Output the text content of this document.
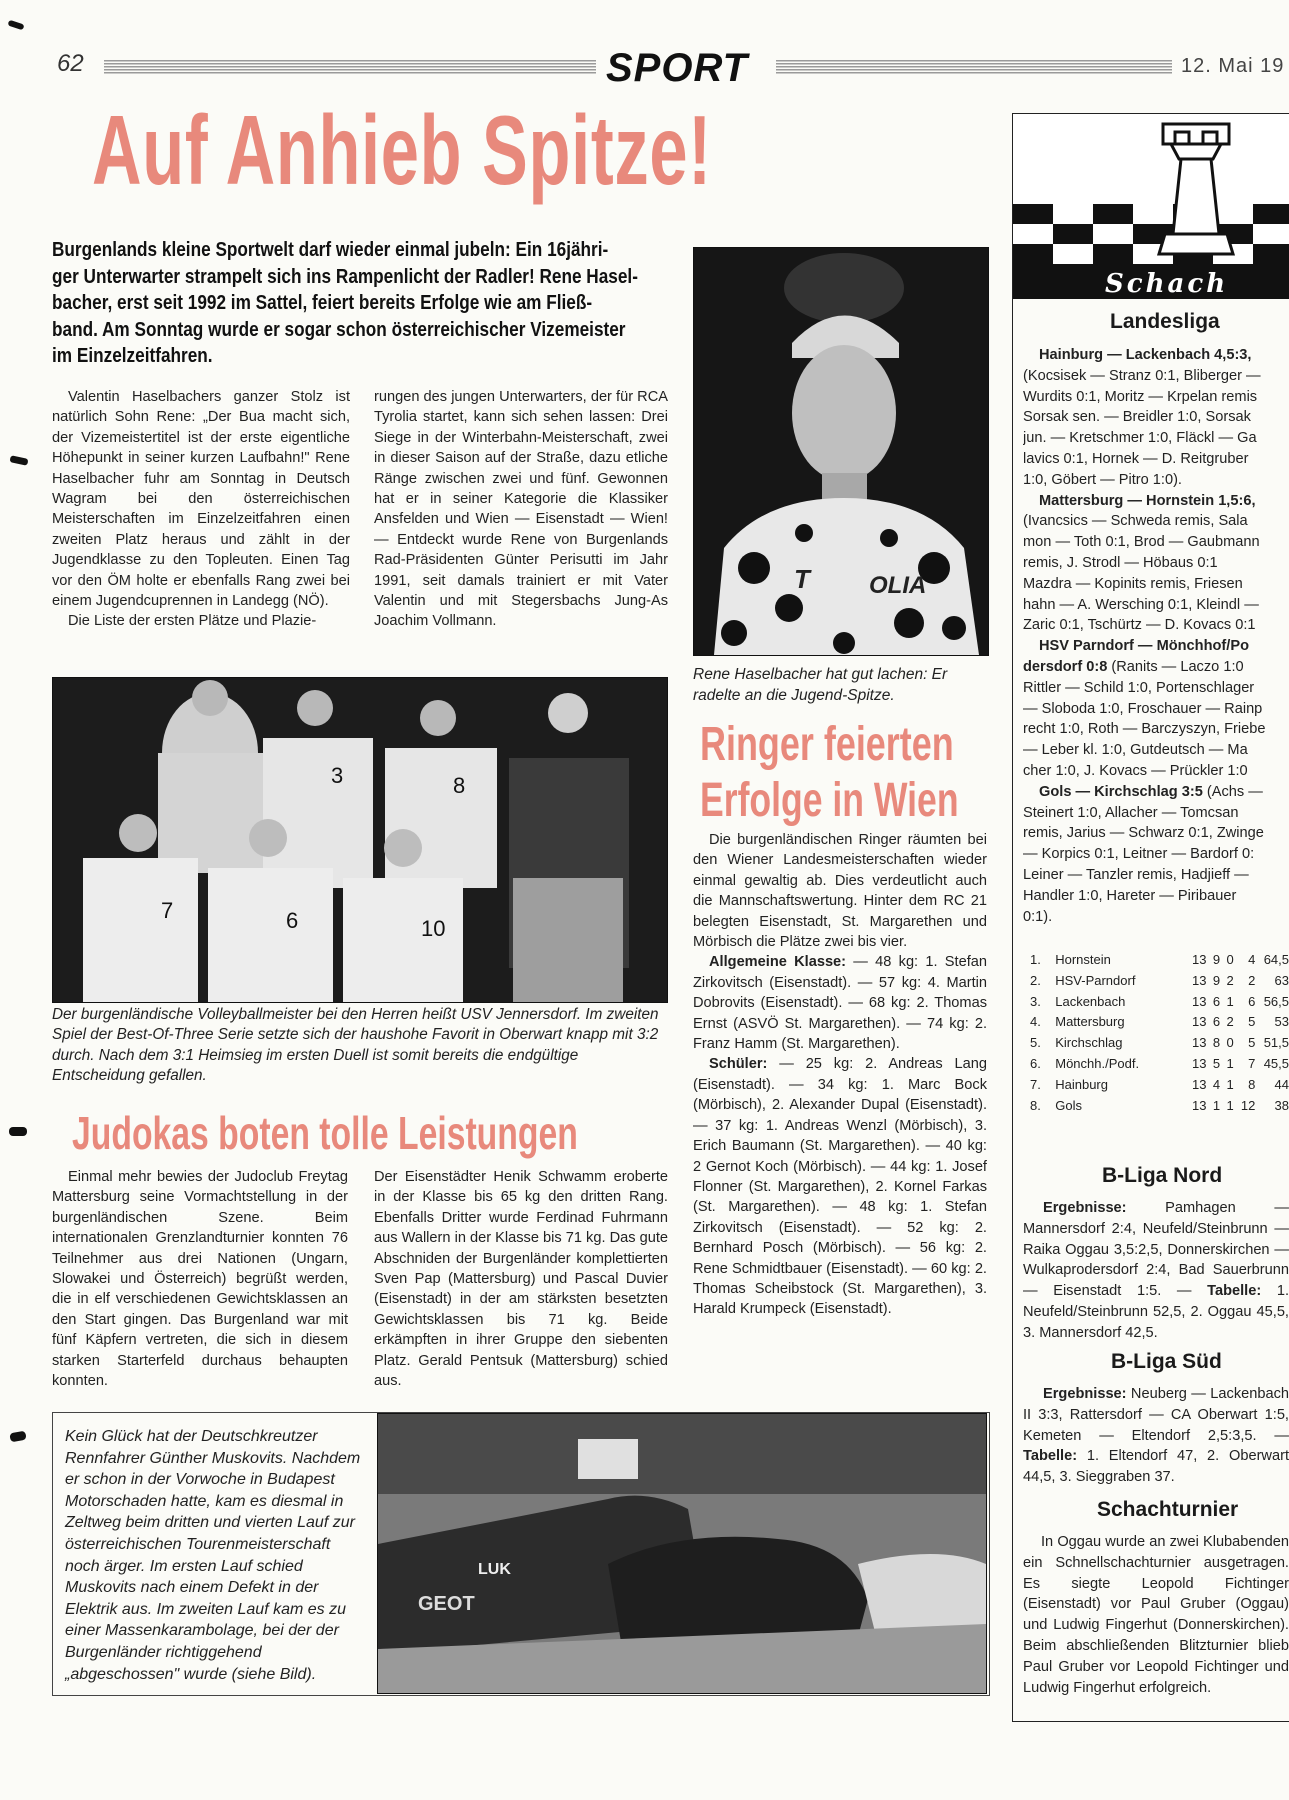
62	SPORT	12. Mai 19
Auf Anhieb Spitze!
Burgenlands kleine Sportwelt darf wieder einmal jubeln: Ein 16jähri-
ger Unterwarter strampelt sich ins Rampenlicht der Radler! Rene Hasel-
bacher, erst seit 1992 im Sattel, feiert bereits Erfolge wie am Fließ-
band. Am Sonntag wurde er sogar schon österreichischer Vizemeister
im Einzelzeitfahren.

Valentin Haselbachers ganzer Stolz ist natürlich Sohn Rene: „Der Bua macht sich, der Vizemeistertitel ist der erste eigentliche Höhepunkt in seiner kurzen Laufbahn!" Rene Haselbacher fuhr am Sonntag in Deutsch Wagram bei den österreichischen Meisterschaften im Einzelzeitfahren einen zweiten Platz heraus und zählt in der Jugendklasse zu den Topleuten. Einen Tag vor den ÖM holte er ebenfalls Rang zwei bei einem Jugendcuprennen in Landegg (NÖ).

Die Liste der ersten Plätze und Plazie-

rungen des jungen Unterwarters, der für RCA Tyrolia startet, kann sich sehen lassen: Drei Siege in der Winterbahn-Meisterschaft, zwei in dieser Saison auf der Straße, dazu etliche Ränge zwischen zwei und fünf. Gewonnen hat er in seiner Kategorie die Klassiker Ansfelden und Wien — Eisenstadt — Wien! — Entdeckt wurde Rene von Burgenlands Rad-Präsidenten Günter Perisutti im Jahr 1991, seit damals trainiert er mit Vater Valentin und mit Stegersbachs Jung-As Joachim Vollmann.

T OLIA
Rene Haselbacher hat gut lachen: Er radelte an die Jugend-Spitze.
3	8
7	6	10
Der burgenländische Volleyballmeister bei den Herren heißt USV Jennersdorf. Im zweiten Spiel der Best-Of-Three Serie setzte sich der haushohe Favorit in Oberwart knapp mit 3:2 durch. Nach dem 3:1 Heimsieg im ersten Duell ist somit bereits die endgültige Entscheidung gefallen.
Judokas boten tolle Leistungen

Einmal mehr bewies der Judoclub Freytag Mattersburg seine Vormachtstellung in der burgenländischen Szene. Beim internationalen Grenzlandturnier konnten 76 Teilnehmer aus drei Nationen (Ungarn, Slowakei und Österreich) begrüßt werden, die in elf verschiedenen Gewichtsklassen an den Start gingen. Das Burgenland war mit fünf Käpfern vertreten, die sich in diesem starken Starterfeld durchaus behaupten konnten.

Der Eisenstädter Henik Schwamm eroberte in der Klasse bis 65 kg den dritten Rang. Ebenfalls Dritter wurde Ferdinad Fuhrmann aus Wallern in der Klasse bis 71 kg. Das gute Abschniden der Burgenländer komplettierten Sven Pap (Mattersburg) und Pascal Duvier (Eisenstadt) in der am stärksten besetzten Gewichtsklassen bis 71 kg. Beide erkämpften in ihrer Gruppe den siebenten Platz. Gerald Pentsuk (Mattersburg) schied aus.

Ringer feierten
Erfolge in Wien

Die burgenländischen Ringer räumten bei den Wiener Landesmeisterschaften wieder einmal gewaltig ab. Dies verdeutlicht auch die Mannschaftswertung. Hinter dem RC 21 belegten Eisenstadt, St. Margarethen und Mörbisch die Plätze zwei bis vier.

Allgemeine Klasse: — 48 kg: 1. Stefan Zirkovitsch (Eisenstadt). — 57 kg: 4. Martin Dobrovits (Eisenstadt). — 68 kg: 2. Thomas Ernst (ASVÖ St. Margarethen). — 74 kg: 2. Franz Hamm (St. Margarethen).

Schüler: — 25 kg: 2. Andreas Lang (Eisenstadt). — 34 kg: 1. Marc Bock (Mörbisch), 2. Alexander Dupal (Eisenstadt). — 37 kg: 1. Andreas Wenzl (Mörbisch), 3. Erich Baumann (St. Margarethen). — 40 kg: 2 Gernot Koch (Mörbisch). — 44 kg: 1. Josef Flonner (St. Margarethen), 2. Kornel Farkas (St. Margarethen). — 48 kg: 1. Stefan Zirkovitsch (Eisenstadt). — 52 kg: 2. Bernhard Posch (Mörbisch). — 56 kg: 2. Rene Schmidtbauer (Eisenstadt). — 60 kg: 2. Thomas Scheibstock (St. Margarethen), 3. Harald Krumpeck (Eisenstadt).

Kein Glück hat der Deutschkreutzer Rennfahrer Günther Muskovits. Nachdem er schon in der Vorwoche in Budapest Motorschaden hatte, kam es diesmal in Zeltweg beim dritten und vierten Lauf zur österreichischen Tourenmeisterschaft noch ärger. Im ersten Lauf schied Muskovits nach einem Defekt in der Elektrik aus. Im zweiten Lauf kam es zu einer Massenkarambolage, bei der der Burgenländer richtiggehend „abgeschossen" wurde (siehe Bild).
GEOT
LUK
Schach
Landesliga
Hainburg — Lackenbach 4,5:3,
(Kocsisek — Stranz 0:1, Bliberger —
Wurdits 0:1, Moritz — Krpelan remis
Sorsak sen. — Breidler 1:0, Sorsak
jun. — Kretschmer 1:0, Fläckl — Ga
lavics 0:1, Hornek — D. Reitgruber
1:0, Göbert — Pitro 1:0).
Mattersburg — Hornstein 1,5:6,
(Ivancsics — Schweda remis, Sala
mon — Toth 0:1, Brod — Gaubmann
remis, J. Strodl — Höbaus 0:1
Mazdra — Kopinits remis, Friesen
hahn — A. Wersching 0:1, Kleindl —
Zaric 0:1, Tschürtz — D. Kovacs 0:1
HSV Parndorf — Mönchhof/Po
dersdorf 0:8 (Ranits — Laczo 1:0
Rittler — Schild 1:0, Portenschlager
— Sloboda 1:0, Froschauer — Rainp
recht 1:0, Roth — Barczyszyn, Friebe
— Leber kl. 1:0, Gutdeutsch — Ma
cher 1:0, J. Kovacs — Prückler 1:0
Gols — Kirchschlag 3:5 (Achs —
Steinert 1:0, Allacher — Tomcsan
remis, Jarius — Schwarz 0:1, Zwinge
— Korpics 0:1, Leitner — Bardorf 0:
Leiner — Tanzler remis, Hadjieff —
Handler 1:0, Hareter — Piribauer
0:1).
1.	Hornstein	13	9	0	4	64,5
2.	HSV-Parndorf	13	9	2	2	63
3.	Lackenbach	13	6	1	6	56,5
4.	Mattersburg	13	6	2	5	53
5.	Kirchschlag	13	8	0	5	51,5
6.	Mönchh./Podf.	13	5	1	7	45,5
7.	Hainburg	13	4	1	8	44
8.	Gols	13	1	1	12	38
B-Liga Nord
Ergebnisse: Pamhagen — Mannersdorf 2:4, Neufeld/Steinbrunn — Raika Oggau 3,5:2,5, Donnerskirchen — Wulkaprodersdorf 2:4, Bad Sauerbrunn — Eisenstadt 1:5. — Tabelle: 1. Neufeld/Steinbrunn 52,5, 2. Oggau 45,5, 3. Mannersdorf 42,5.
B-Liga Süd
Ergebnisse: Neuberg — Lackenbach II 3:3, Rattersdorf — CA Oberwart 1:5, Kemeten — Eltendorf 2,5:3,5. — Tabelle: 1. Eltendorf 47, 2. Oberwart 44,5, 3. Sieggraben 37.
Schachturnier

In Oggau wurde an zwei Klubabenden ein Schnellschachturnier ausgetragen. Es siegte Leopold Fichtinger (Eisenstadt) vor Paul Gruber (Oggau) und Ludwig Fingerhut (Donnerskirchen). Beim abschließenden Blitzturnier blieb Paul Gruber vor Leopold Fichtinger und Ludwig Fingerhut erfolgreich.
